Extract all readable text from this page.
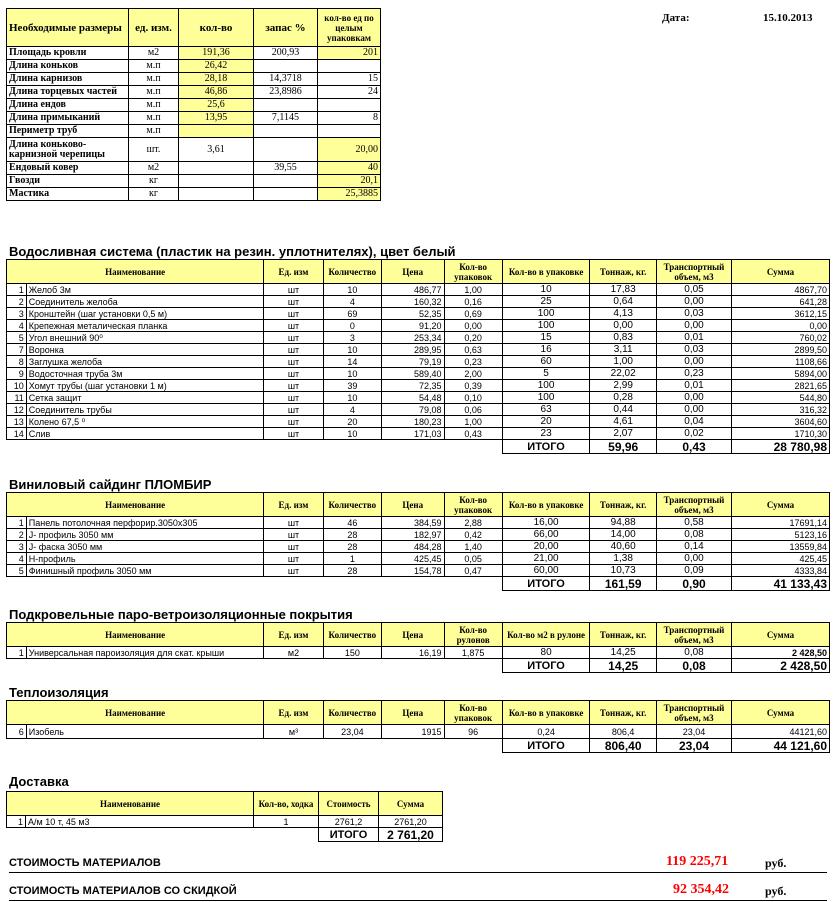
Дата:	15.10.2013
Необходимые размеры	ед. изм.	кол-во	запас %	кол-во ед по целым упаковкам
Площадь кровли	м2	191,36	200,93	201
Длина коньков	м.п	26,42		
Длина карнизов	м.п	28,18	14,3718	15
Длина торцевых частей	м.п	46,86	23,8986	24
Длина ендов	м.п	25,6		
Длина примыканий	м.п	13,95	7,1145	8
Периметр труб	м.п			
Длина коньково-карнизной черепицы	шт.	3,61		20,00
Ендовый ковер	м2		39,55	40
Гвозди	кг			20,1
Мастика	кг			25,3885
Водосливная система (пластик на резин. уплотнителях), цвет белый
Наименование		Ед. изм	Количество	Цена	Кол-во упаковок	Кол-во в упаковке	Тоннаж, кг.	Транспортный объем, м3	Сумма
1	Желоб 3м	шт	10	486,77	1,00	10	17,83	0,05	4867,70
2	Соединитель желоба	шт	4	160,32	0,16	25	0,64	0,00	641,28
3	Кронштейн (шаг установки 0,5 м)	шт	69	52,35	0,69	100	4,13	0,03	3612,15
4	Крепежная металическая планка	шт	0	91,20	0,00	100	0,00	0,00	0,00
5	Угол внешний 90⁰	шт	3	253,34	0,20	15	0,83	0,01	760,02
7	Воронка	шт	10	289,95	0,63	16	3,11	0,03	2899,50
8	Заглушка желоба	шт	14	79,19	0,23	60	1,00	0,00	1108,66
9	Водосточная труба 3м	шт	10	589,40	2,00	5	22,02	0,23	5894,00
10	Хомут трубы (шаг установки 1 м)	шт	39	72,35	0,39	100	2,99	0,01	2821,65
11	Сетка защит	шт	10	54,48	0,10	100	0,28	0,00	544,80
12	Соединитель трубы	шт	4	79,08	0,06	63	0,44	0,00	316,32
13	Колено 67,5 ⁰	шт	20	180,23	1,00	20	4,61	0,04	3604,60
14	Слив	шт	10	171,03	0,43	23	2,07	0,02	1710,30
						ИТОГО	59,96	0,43	28 780,98
Виниловый сайдинг ПЛОМБИР
Наименование		Ед. изм	Количество	Цена	Кол-во упаковок	Кол-во в упаковке	Тоннаж, кг.	Транспортный объем, м3	Сумма
1	Панель потолочная перфорир.3050х305	шт	46	384,59	2,88	16,00	94,88	0,58	17691,14
2	J- профиль 3050 мм	шт	28	182,97	0,42	66,00	14,00	0,08	5123,16
3	J- фаска 3050 мм	шт	28	484,28	1,40	20,00	40,60	0,14	13559,84
4	Н-профиль	шт	1	425,45	0,05	21,00	1,38	0,00	425,45
5	Финишный профиль 3050 мм	шт	28	154,78	0,47	60,00	10,73	0,09	4333,84
						ИТОГО	161,59	0,90	41 133,43
Подкровельные паро-ветроизоляционные покрытия
Наименование		Ед. изм	Количество	Цена	Кол-во рулонов	Кол-во м2 в рулоне	Тоннаж, кг.	Транспортный объем, м3	Сумма
1	Универсальная пароизоляция для скат. крыши	м2	150	16,19	1,875	80	14,25	0,08	2 428,50
						ИТОГО	14,25	0,08	2 428,50
Теплоизоляция
Наименование		Ед. изм	Количество	Цена	Кол-во упаковок	Кол-во в упаковке	Тоннаж, кг.	Транспортный объем, м3	Сумма
6	Изобель	м³	23,04	1915	96	0,24	806,4	23,04	44121,60
						ИТОГО	806,40	23,04	44 121,60
Доставка
Наименование		Кол-во, ходка	Стоимость	Сумма
1	А/м 10 т, 45 м3	1	2761,2	2761,20
			ИТОГО	2 761,20
СТОИМОСТЬ МАТЕРИАЛОВ	119 225,71	руб.
СТОИМОСТЬ МАТЕРИАЛОВ СО СКИДКОЙ	92 354,42	руб.
